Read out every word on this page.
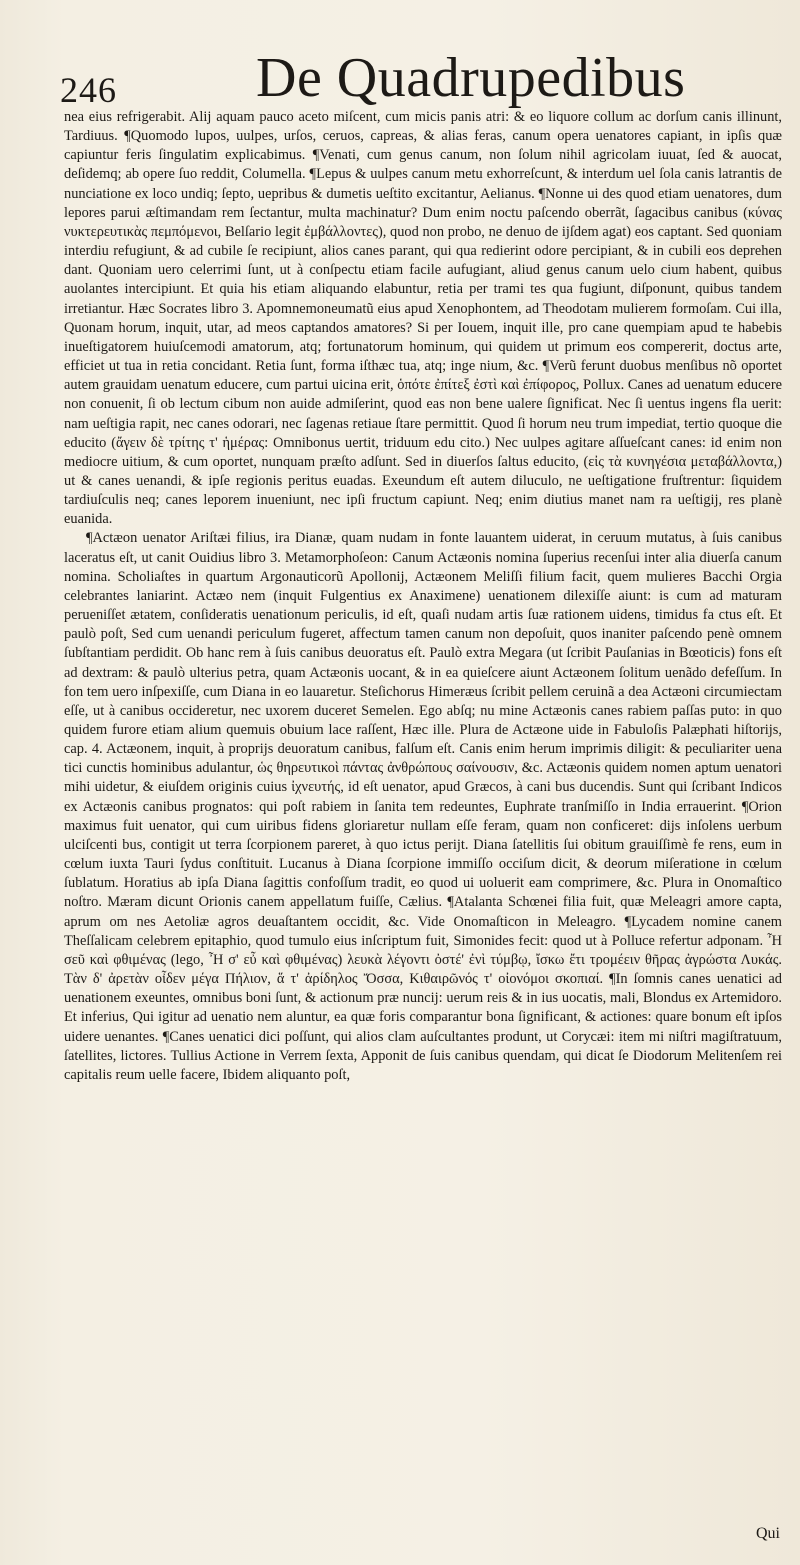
246 De Quadrupedibus

nea eius refrigerabit. Alij aquam pauco aceto miſcent, cum micis panis atri: & eo liquore collum ac dorſum canis illinunt, Tardiuus. ¶Quomodo lupos, uulpes, urſos, ceruos, capreas, & alias feras, canum opera uenatores capiant, in ipſis quæ capiuntur feris ſingulatim explicabimus. ¶Venati, cum genus canum, non ſolum nihil agricolam iuuat, ſed & auocat, deſidemq; ab opere ſuo reddit, Columella. ¶Lepus & uulpes canum metu exhorreſcunt, & interdum uel ſola canis latrantis de nunciatione ex loco undiq; ſepto, uepribus & dumetis ueſtito excitantur, Aelianus. ¶Nonne ui des quod etiam uenatores, dum lepores parui æſtimandam rem ſectantur, multa machinatur? Dum enim noctu paſcendo oberrãt, ſagacibus canibus (κύνας νυκτερευτικὰς πεμπόμενοι, Belſario legit ἐμβάλλοντες), quod non probo, ne denuo de ijſdem agat) eos captant. Sed quoniam interdiu refugiunt, & ad cubile ſe recipiunt, alios canes parant, qui qua redierint odore percipiant, & in cubili eos deprehen dant. Quoniam uero celerrimi ſunt, ut à conſpectu etiam facile aufugiant, aliud genus canum uelo cium habent, quibus auolantes intercipiunt. Et quia his etiam aliquando elabuntur, retia per trami tes qua fugiunt, diſponunt, quibus tandem irretiantur. Hæc Socrates libro 3. Apomnemoneumatũ eius apud Xenophontem, ad Theodotam mulierem formoſam. Cui illa, Quonam horum, inquit, utar, ad meos captandos amatores? Si per Iouem, inquit ille, pro cane quempiam apud te habebis inueſtigatorem huiuſcemodi amatorum, atq; fortunatorum hominum, qui quidem ut primum eos compererit, doctus arte, efficiet ut tua in retia concidant. Retia ſunt, forma iſthæc tua, atq; inge nium, &c. ¶Verũ ferunt duobus menſibus nõ oportet autem grauidam uenatum educere, cum partui uicina erit, ὁπότε ἐπίτεξ ἐστὶ καὶ ἐπίφορος, Pollux. Canes ad uenatum educere non conuenit, ſi ob lectum cibum non auide admiſerint, quod eas non bene ualere ſignificat. Nec ſi uentus ingens fla uerit: nam ueſtigia rapit, nec canes odorari, nec ſagenas retiaue ſtare permittit. Quod ſi horum neu trum impediat, tertio quoque die educito (ἄγειν δὲ τρίτης τ' ἡμέρας: Omnibonus uertit, triduum edu cito.) Nec uulpes agitare aſſueſcant canes: id enim non mediocre uitium, & cum oportet, nunquam præſto adſunt. Sed in diuerſos ſaltus educito, (εἰς τὰ κυνηγέσια μεταβάλλοντα,) ut & canes uenandi, & ipſe regionis peritus euadas. Exeundum eſt autem diluculo, ne ueſtigatione fruſtrentur: ſiquidem tardiuſculis neq; canes leporem inueniunt, nec ipſi fructum capiunt. Neq; enim diutius manet nam ra ueſtigij, res planè euanida.

¶Actæon uenator Ariſtæi filius, ira Dianæ, quam nudam in fonte lauantem uiderat, in ceruum mutatus, à ſuis canibus laceratus eſt, ut canit Ouidius libro 3. Metamorphoſeon: Canum Actæonis nomina ſuperius recenſui inter alia diuerſa canum nomina. Scholiaſtes in quartum Argonauticorũ Apollonij, Actæonem Meliſſi filium facit, quem mulieres Bacchi Orgia celebrantes laniarint. Actæo nem (inquit Fulgentius ex Anaximene) uenationem dilexiſſe aiunt: is cum ad maturam perueniſſet ætatem, conſideratis uenationum periculis, id eſt, quaſi nudam artis ſuæ rationem uidens, timidus fa ctus eſt. Et paulò poſt, Sed cum uenandi periculum fugeret, affectum tamen canum non depoſuit, quos inaniter paſcendo penè omnem ſubſtantiam perdidit. Ob hanc rem à ſuis canibus deuoratus eſt. Paulò extra Megara (ut ſcribit Pauſanias in Bœoticis) fons eſt ad dextram: & paulò ulterius petra, quam Actæonis uocant, & in ea quieſcere aiunt Actæonem ſolitum uenãdo defeſſum. In fon tem uero inſpexiſſe, cum Diana in eo lauaretur. Steſichorus Himeræus ſcribit pellem ceruinã a dea Actæoni circumiectam eſſe, ut à canibus occideretur, nec uxorem duceret Semelen. Ego abſq; nu mine Actæonis canes rabiem paſſas puto: in quo quidem furore etiam alium quemuis obuium lace raſſent, Hæc ille. Plura de Actæone uide in Fabuloſis Palæphati hiſtorijs, cap. 4. Actæonem, inquit, à proprijs deuoratum canibus, falſum eſt. Canis enim herum imprimis diligit: & peculiariter uena tici cunctis hominibus adulantur, ὡς θηρευτικοὶ πάντας ἀνθρώπους σαίνουσιν, &c. Actæonis quidem nomen aptum uenatori mihi uidetur, & eiuſdem originis cuius ἰχνευτής, id eſt uenator, apud Græcos, à cani bus ducendis. Sunt qui ſcribant Indicos ex Actæonis canibus prognatos: qui poſt rabiem in ſanita tem redeuntes, Euphrate tranſmiſſo in India errauerint. ¶Orion maximus fuit uenator, qui cum uiribus fidens gloriaretur nullam eſſe feram, quam non conficeret: dijs inſolens uerbum ulciſcenti bus, contigit ut terra ſcorpionem pareret, à quo ictus perijt. Diana ſatellitis ſui obitum grauiſſimè fe rens, eum in cœlum iuxta Tauri ſydus conſtituit. Lucanus à Diana ſcorpione immiſſo occiſum dicit, & deorum miſeratione in cœlum ſublatum. Horatius ab ipſa Diana ſagittis confoſſum tradit, eo quod ui uoluerit eam comprimere, &c. Plura in Onomaſtico noſtro. Mæram dicunt Orionis canem appellatum fuiſſe, Cælius. ¶Atalanta Schœnei filia fuit, quæ Meleagri amore capta, aprum om nes Aetoliæ agros deuaſtantem occidit, &c. Vide Onomaſticon in Meleagro. ¶Lycadem nomine canem Theſſalicam celebrem epitaphio, quod tumulo eius inſcriptum fuit, Simonides fecit: quod ut à Polluce refertur adponam. Ἦ σεῦ καὶ φθιμένας (lego, Ἦ σ' εὖ καὶ φθιμένας) λευκὰ λέγοντι ὀστέ' ἐνὶ τύμβῳ, ἴσκω ἔτι τρομέειν θῆρας ἀγρώστα Λυκάς. Τὰν δ' ἀρετὰν οἶδεν μέγα Πήλιον, ἅ τ' ἀρίδηλος Ὄσσα, Κιθαιρῶνός τ' οἰονόμοι σκοπιαί. ¶In ſomnis canes uenatici ad uenationem exeuntes, omnibus boni ſunt, & actionum præ nuncij: uerum reis & in ius uocatis, mali, Blondus ex Artemidoro. Et inferius, Qui igitur ad uenatio nem aluntur, ea quæ foris comparantur bona ſignificant, & actiones: quare bonum eſt ipſos uidere uenantes. ¶Canes uenatici dici poſſunt, qui alios clam auſcultantes produnt, ut Corycæi: item mi niſtri magiſtratuum, ſatellites, lictores. Tullius Actione in Verrem ſexta, Apponit de ſuis canibus quendam, qui dicat ſe Diodorum Melitenſem rei capitalis reum uelle facere, Ibidem aliquanto poſt,

Qui
